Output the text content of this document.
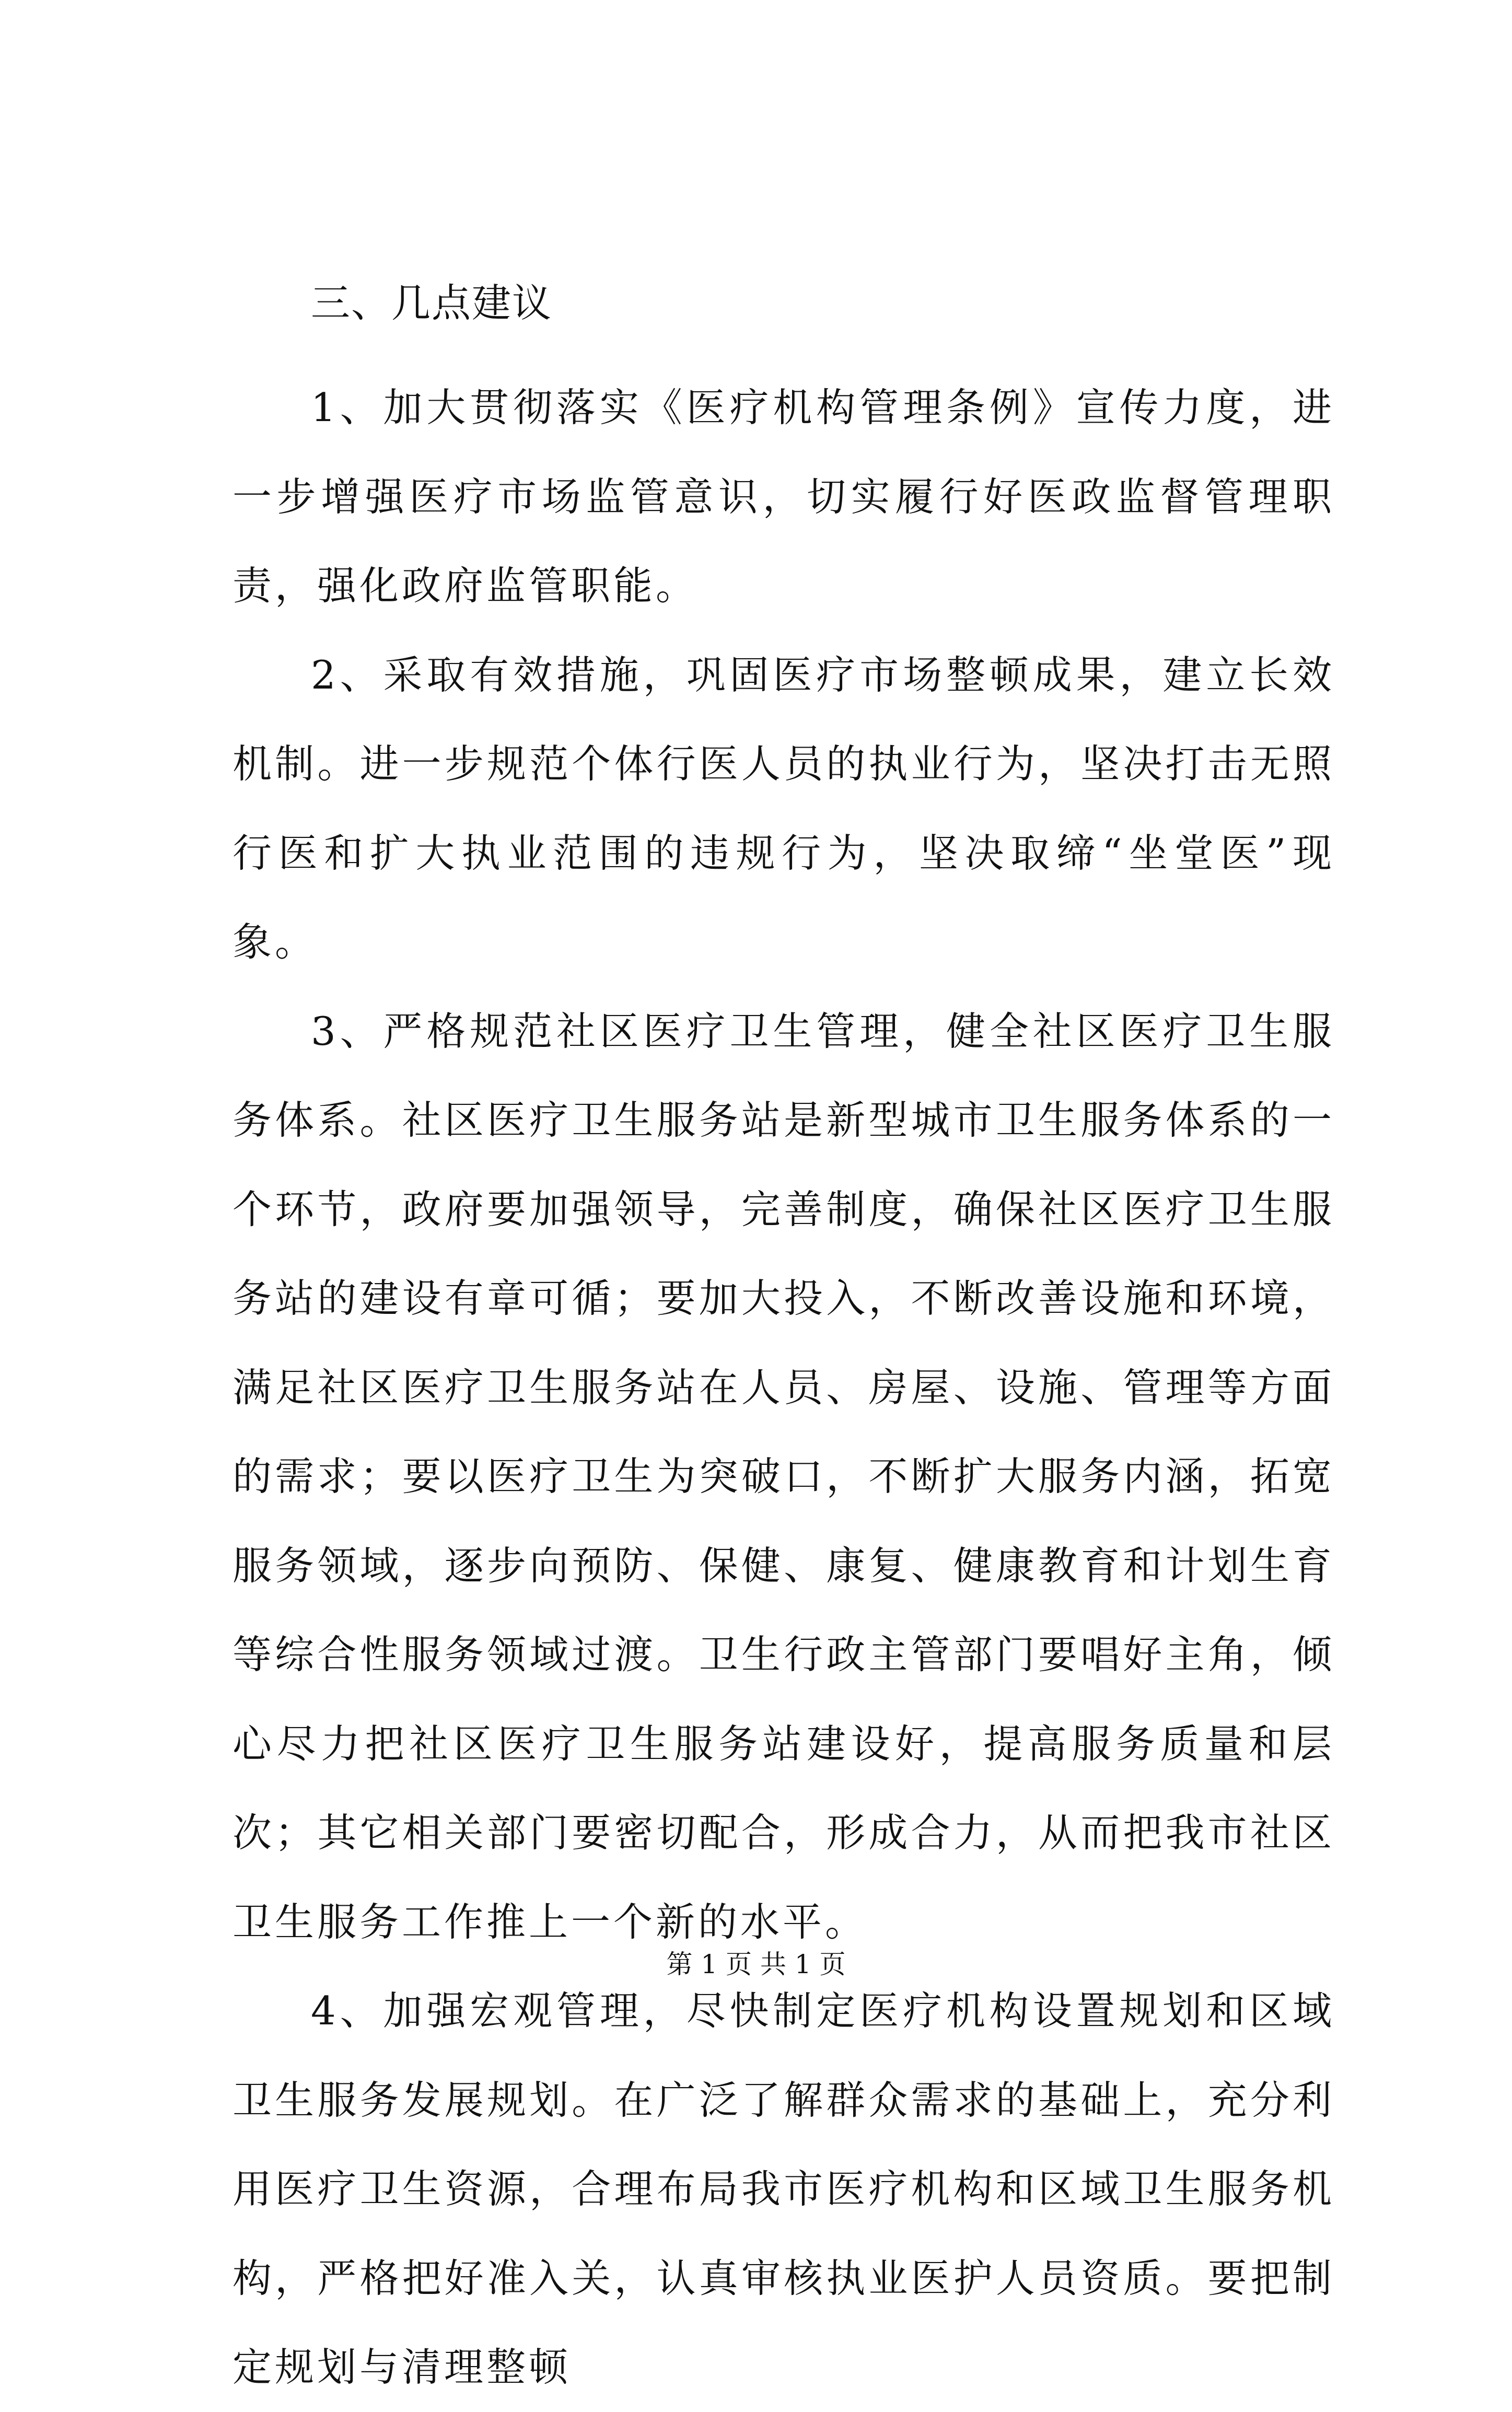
三、几点建议

1、加大贯彻落实《医疗机构管理条例》宣传力度，进一步增强医疗市场监管意识，切实履行好医政监督管理职责，强化政府监管职能。

2、采取有效措施，巩固医疗市场整顿成果，建立长效机制。进一步规范个体行医人员的执业行为，坚决打击无照行医和扩大执业范围的违规行为，坚决取缔“坐堂医”现象。

3、严格规范社区医疗卫生管理，健全社区医疗卫生服务体系。社区医疗卫生服务站是新型城市卫生服务体系的一个环节，政府要加强领导，完善制度，确保社区医疗卫生服务站的建设有章可循；要加大投入，不断改善设施和环境，满足社区医疗卫生服务站在人员、房屋、设施、管理等方面的需求；要以医疗卫生为突破口，不断扩大服务内涵，拓宽服务领域，逐步向预防、保健、康复、健康教育和计划生育等综合性服务领域过渡。卫生行政主管部门要唱好主角，倾心尽力把社区医疗卫生服务站建设好，提高服务质量和层次；其它相关部门要密切配合，形成合力，从而把我市社区卫生服务工作推上一个新的水平。

4、加强宏观管理，尽快制定医疗机构设置规划和区域卫生服务发展规划。在广泛了解群众需求的基础上，充分利用医疗卫生资源，合理布局我市医疗机构和区域卫生服务机构，严格把好准入关，认真审核执业医护人员资质。要把制定规划与清理整顿

第 1 页 共 1 页
